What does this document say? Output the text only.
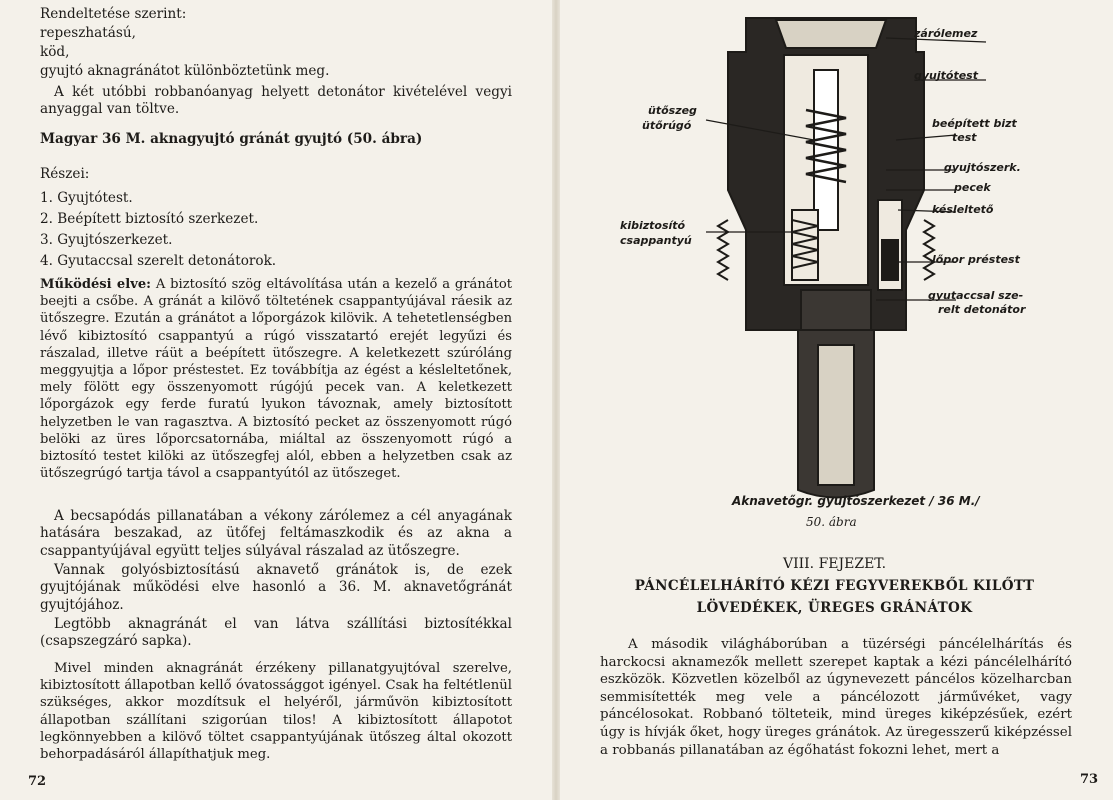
Rendeltetése szerint:
repeszhatású,
köd,
gyujtó aknagránátot különböztetünk meg.

A két utóbbi robbanóanyag helyett detonátor kivételével vegyi anyaggal van töltve.

Magyar 36 M. aknagyujtó gránát gyujtó (50. ábra)
Részei:
1. Gyujtótest.
2. Beépített biztosító szerkezet.
3. Gyujtószerkezet.
4. Gyutaccsal szerelt detonátorok.

Működési elve: A biztosító szög eltávolítása után a kezelő a gránátot beejti a csőbe. A gránát a kilövő töltetének csappantyújával ráesik az ütőszegre. Ezután a gránátot a lőporgázok kilövik. A tehetetlenségben lévő kibiztosító csappantyú a rúgó visszatartó erejét legyűzi és rászalad, illetve ráüt a beépített ütőszegre. A keletkezett szúróláng meggyujtja a lőpor préstestet. Ez továbbítja az égést a késleltetőnek, mely fölött egy összenyomott rúgójú pecek van. A keletkezett lőporgázok egy ferde furatú lyukon távoznak, amely biztosított helyzetben le van ragasztva. A biztosító pecket az összenyomott rúgó belöki az üres lőporcsatornába, miáltal az összenyomott rúgó a biztosító testet kilöki az ütőszegfej alól, ebben a helyzetben csak az ütőszegrúgó tartja távol a csappantyútól az ütőszeget.

A becsapódás pillanatában a vékony zárólemez a cél anyagának hatására beszakad, az ütőfej feltámaszkodik és az akna a csappantyújával együtt teljes súlyával rászalad az ütőszegre.

Vannak golyósbiztosítású aknavető gránátok is, de ezek gyujtójának működési elve hasonló a 36. M. aknavetőgránát gyujtójához.

Legtöbb aknagránát el van látva szállítási biztosítékkal (csapszegzáró sapka).

Mivel minden aknagránát érzékeny pillanatgyujtóval szerelve, kibiztosított állapotban kellő óvatossággot igényel. Csak ha feltétlenül szükséges, akkor mozdítsuk el helyéről, járművön kibiztosított állapotban szállítani szigorúan tilos! A kibiztosított állapotot legkönnyebben a kilövő töltet csappantyújának ütőszeg által okozott behorpadásáról állapíthatjuk meg.

72
zárólemez
gyujtótest
ütőszeg
ütőrúgó	beépített bizt
test
gyujtószerk.
pecek
késleltető
kibiztosító
csappantyú
lőpor préstest
gyutaccsal sze-
relt detonátor
Aknavetőgr. gyujtószerkezet / 36 M./
50. ábra
VIII. FEJEZET.
PÁNCÉLELHÁRÍTÓ KÉZI FEGYVEREKBŐL KILŐTT
LÖVEDÉKEK, ÜREGES GRÁNÁTOK

A második világháborúban a tüzérségi páncélelhárítás és harckocsi aknamezők mellett szerepet kaptak a kézi páncélelhárító eszközök. Közvetlen közelből az úgynevezett páncélos közelharcban semmisítették meg vele a páncélozott járművéket, vagy páncélosokat. Robbanó tölteteik, mind üreges kiképzésűek, ezért úgy is hívják őket, hogy üreges gránátok. Az üregesszerű kiképzéssel a robbanás pillanatában az égőhatást fokozni lehet, mert a

73
